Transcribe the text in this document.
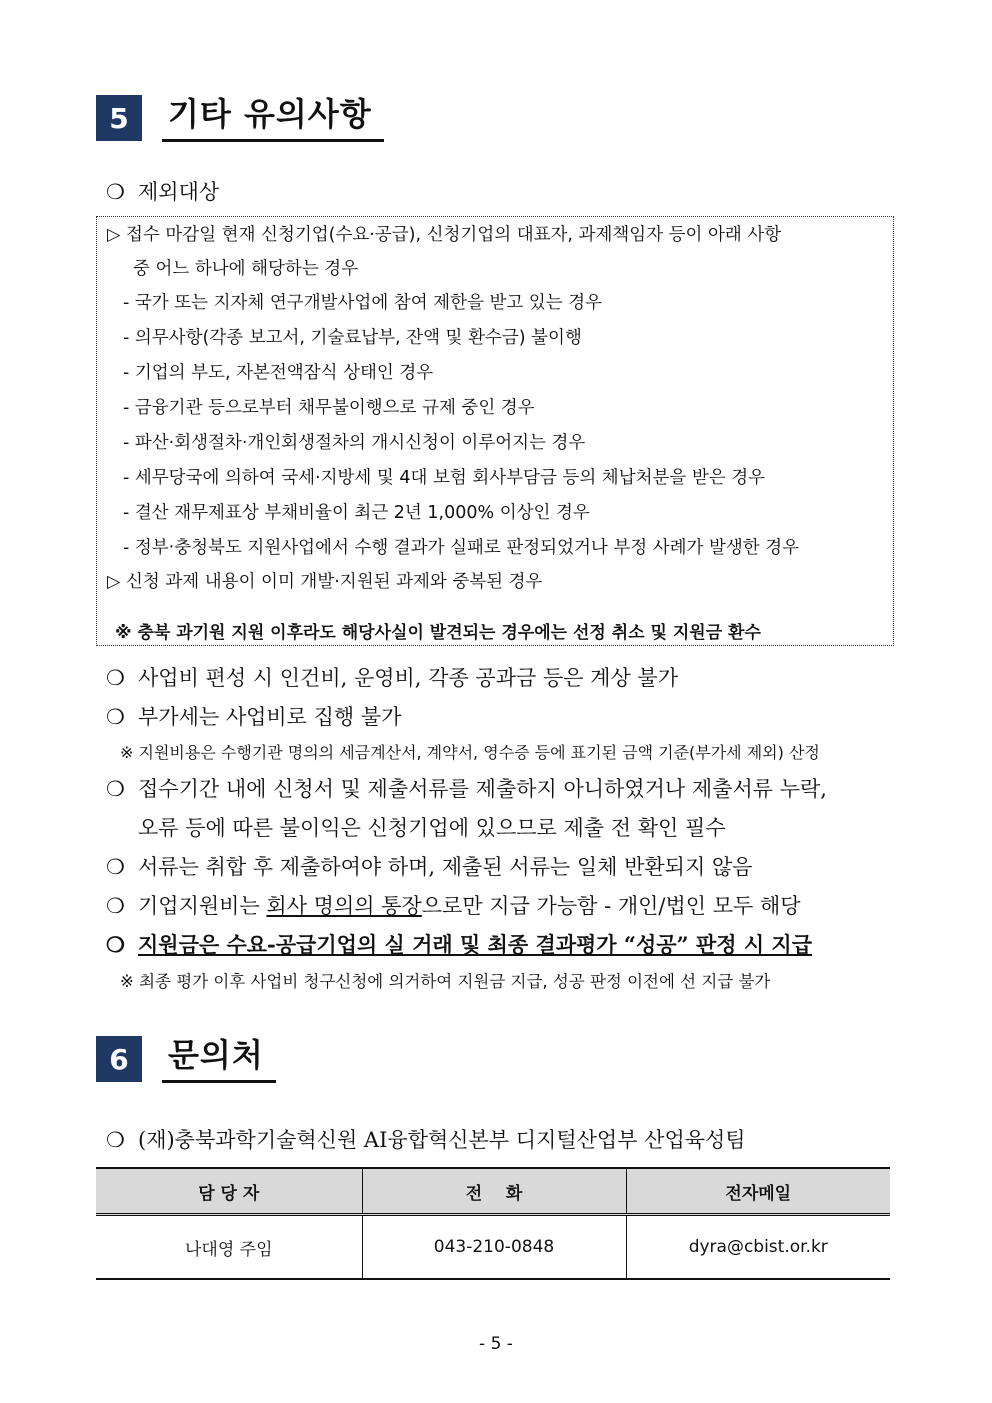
5	기타 유의사항
❍ 제외대상
▷ 접수 마감일 현재 신청기업(수요·공급), 신청기업의 대표자, 과제책임자 등이 아래 사항
중 어느 하나에 해당하는 경우
- 국가 또는 지자체 연구개발사업에 참여 제한을 받고 있는 경우
- 의무사항(각종 보고서, 기술료납부, 잔액 및 환수금) 불이행
- 기업의 부도, 자본전액잠식 상태인 경우
- 금융기관 등으로부터 채무불이행으로 규제 중인 경우
- 파산·회생절차·개인회생절차의 개시신청이 이루어지는 경우
- 세무당국에 의하여 국세·지방세 및 4대 보험 회사부담금 등의 체납처분을 받은 경우
- 결산 재무제표상 부채비율이 최근 2년 1,000% 이상인 경우
- 정부‧충청북도 지원사업에서 수행 결과가 실패로 판정되었거나 부정 사례가 발생한 경우
▷ 신청 과제 내용이 이미 개발·지원된 과제와 중복된 경우
※ 충북 과기원 지원 이후라도 해당사실이 발견되는 경우에는 선정 취소 및 지원금 환수
❍ 사업비 편성 시 인건비, 운영비, 각종 공과금 등은 계상 불가
❍ 부가세는 사업비로 집행 불가
※ 지원비용은 수행기관 명의의 세금계산서, 계약서, 영수증 등에 표기된 금액 기준(부가세 제외) 산정
❍ 접수기간 내에 신청서 및 제출서류를 제출하지 아니하였거나 제출서류 누락,
오류 등에 따른 불이익은 신청기업에 있으므로 제출 전 확인 필수
❍ 서류는 취합 후 제출하여야 하며, 제출된 서류는 일체 반환되지 않음
❍ 기업지원비는 회사 명의의 통장으로만 지급 가능함 - 개인/법인 모두 해당
❍ 지원금은 수요-공급기업의 실 거래 및 최종 결과평가 “성공” 판정 시 지급
※ 최종 평가 이후 사업비 청구신청에 의거하여 지원금 지급, 성공 판정 이전에 선 지급 불가
6	문의처
❍ (재)충북과학기술혁신원 AI융합혁신본부 디지털산업부 산업육성팀
담 당 자	전    화	전자메일
나대영 주임	043-210-0848	dyra@cbist.or.kr
- 5 -
